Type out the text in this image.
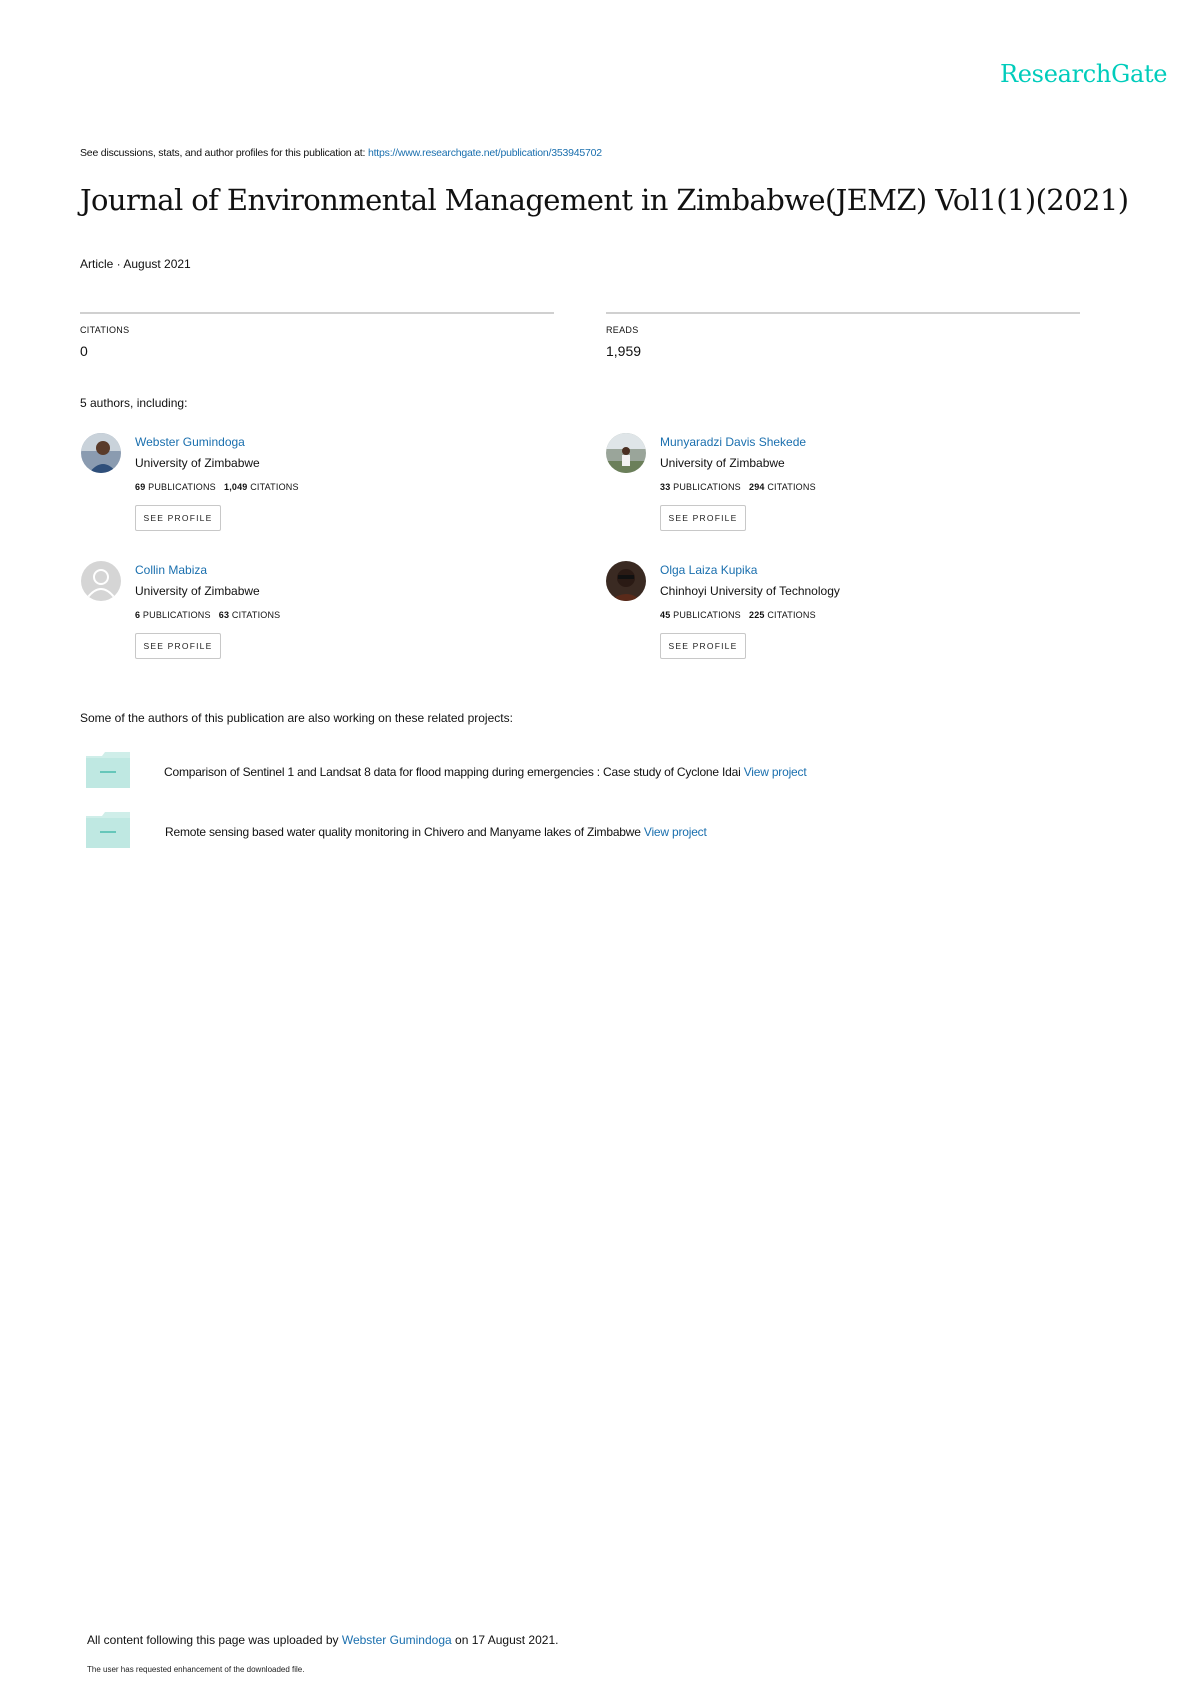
ResearchGate
See discussions, stats, and author profiles for this publication at: https://www.researchgate.net/publication/353945702
Journal of Environmental Management in Zimbabwe(JEMZ) Vol1(1)(2021)
Article · August 2021
CITATIONS
0
READS
1,959
5 authors, including:
Webster Gumindoga
University of Zimbabwe
69 PUBLICATIONS 1,049 CITATIONS
SEE PROFILE
Munyaradzi Davis Shekede
University of Zimbabwe
33 PUBLICATIONS 294 CITATIONS
SEE PROFILE
Collin Mabiza
University of Zimbabwe
6 PUBLICATIONS 63 CITATIONS
SEE PROFILE
Olga Laiza Kupika
Chinhoyi University of Technology
45 PUBLICATIONS 225 CITATIONS
SEE PROFILE
Some of the authors of this publication are also working on these related projects:
Comparison of Sentinel 1 and Landsat 8 data for flood mapping during emergencies : Case study of Cyclone Idai View project
Remote sensing based water quality monitoring in Chivero and Manyame lakes of Zimbabwe View project
All content following this page was uploaded by Webster Gumindoga on 17 August 2021.
The user has requested enhancement of the downloaded file.
